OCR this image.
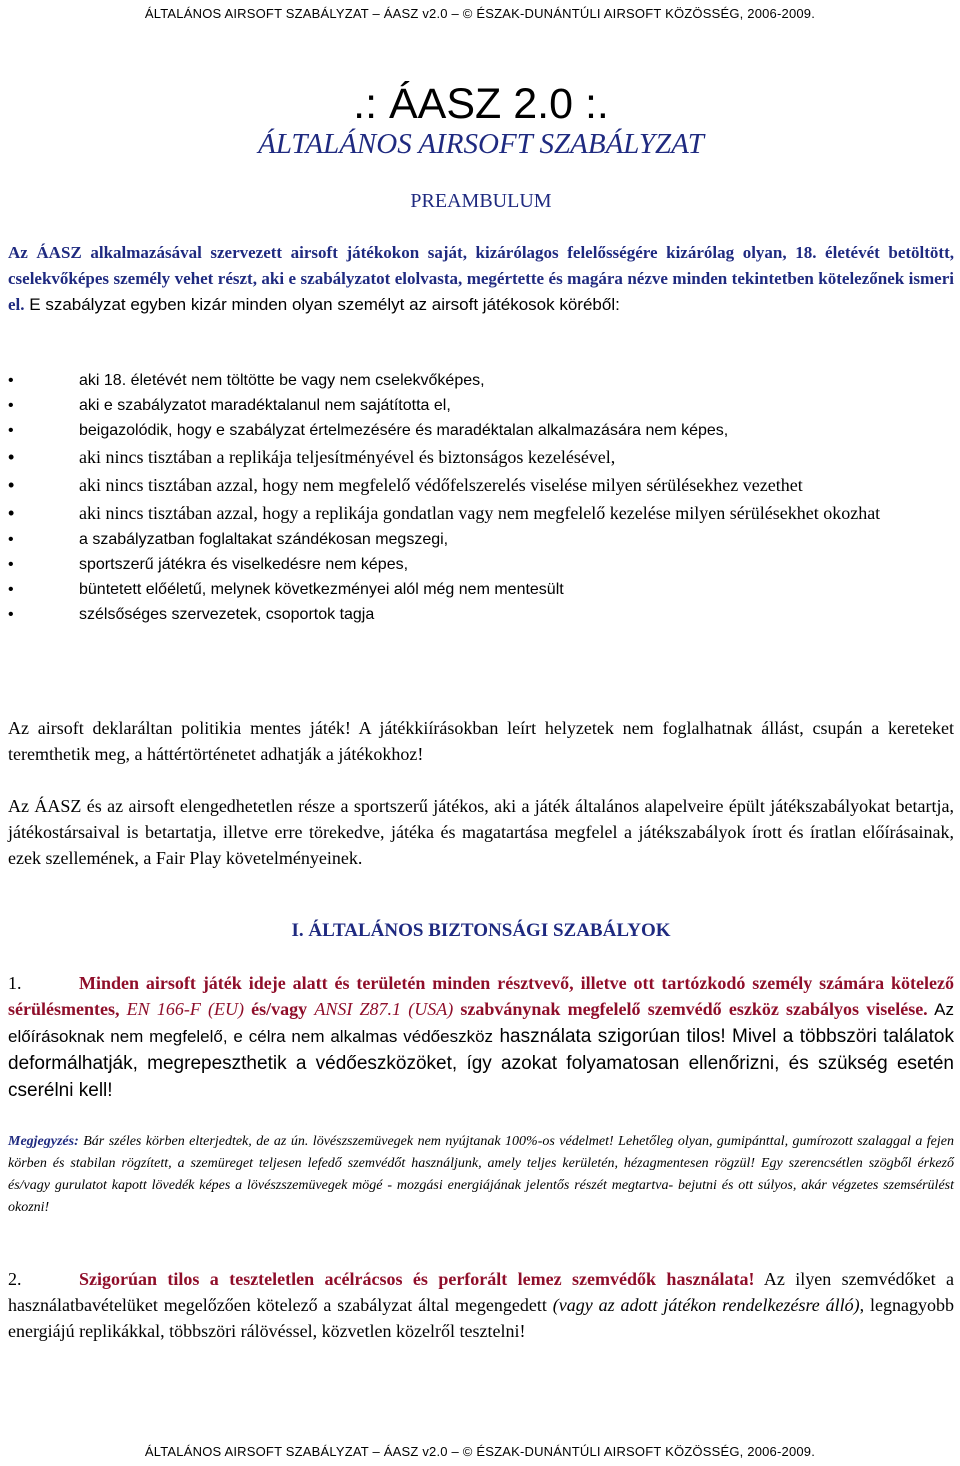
ÁLTALÁNOS AIRSOFT SZABÁLYZAT – ÁASZ v2.0 – © ÉSZAK-DUNÁNTÚLI AIRSOFT KÖZÖSSÉG, 2006-2009.
.: ÁASZ 2.0 :.
ÁLTALÁNOS AIRSOFT SZABÁLYZAT
PREAMBULUM
Az ÁASZ alkalmazásával szervezett airsoft játékokon saját, kizárólagos felelősségére kizárólag olyan, 18. életévét betöltött, cselekvőképes személy vehet részt, aki e szabályzatot elolvasta, megértette és magára nézve minden tekintetben kötelezőnek ismeri el. E szabályzat egyben kizár minden olyan személyt az airsoft játékosok köréből:
• aki 18. életévét nem töltötte be vagy nem cselekvőképes,
• aki e szabályzatot maradéktalanul nem sajátította el,
• beigazolódik, hogy e szabályzat értelmezésére és maradéktalan alkalmazására nem képes,
• aki nincs tisztában a replikája teljesítményével és biztonságos kezelésével,
• aki nincs tisztában azzal, hogy nem megfelelő védőfelszerelés viselése milyen sérülésekhez vezethet
• aki nincs tisztában azzal, hogy a replikája gondatlan vagy nem megfelelő kezelése milyen sérülésekhet okozhat
• a szabályzatban foglaltakat szándékosan megszegi,
• sportszerű játékra és viselkedésre nem képes,
• büntetett előéletű, melynek következményei alól még nem mentesült
• szélsőséges szervezetek, csoportok tagja
Az airsoft deklaráltan politikia mentes játék! A játékkiírásokban leírt helyzetek nem foglalhatnak állást, csupán a kereteket teremthetik meg, a háttértörténetet adhatják a játékokhoz!
Az ÁASZ és az airsoft elengedhetetlen része a sportszerű játékos, aki a játék általános alapelveire épült játékszabályokat betartja, játékostársaival is betartatja, illetve erre törekedve, játéka és magatartása megfelel a játékszabályok írott és íratlan előírásainak, ezek szellemének, a Fair Play követelményeinek.
I. ÁLTALÁNOS BIZTONSÁGI SZABÁLYOK
1.	Minden airsoft játék ideje alatt és területén minden résztvevő, illetve ott tartózkodó személy számára kötelező sérülésmentes, EN 166-F (EU) és/vagy ANSI Z87.1 (USA) szabványnak megfelelő szemvédő eszköz szabályos viselése. Az előírásoknak nem megfelelő, e célra nem alkalmas védőeszköz használata szigorúan tilos! Mivel a többszöri találatok deformálhatják, megrepeszthetik a védőeszközöket, így azokat folyamatosan ellenőrizni, és szükség esetén cserélni kell!
Megjegyzés: Bár széles körben elterjedtek, de az ún. lövészszemüvegek nem nyújtanak 100%-os védelmet! Lehetőleg olyan, gumipánttal, gumírozott szalaggal a fejen körben és stabilan rögzített, a szemüreget teljesen lefedő szemvédőt használjunk, amely teljes kerületén, hézagmentesen rögzül! Egy szerencsétlen szögből érkező és/vagy gurulatot kapott lövedék képes a lövészszemüvegek mögé - mozgási energiájának jelentős részét megtartva- bejutni és ott súlyos, akár végzetes szemsérülést okozni!
2.	Szigorúan tilos a teszteletlen acélrácsos és perforált lemez szemvédők használata! Az ilyen szemvédőket a használatbavételüket megelőzően kötelező a szabályzat által megengedett (vagy az adott játékon rendelkezésre álló), legnagyobb energiájú replikákkal, többszöri rálövéssel, közvetlen közelről tesztelni!
ÁLTALÁNOS AIRSOFT SZABÁLYZAT – ÁASZ v2.0 – © ÉSZAK-DUNÁNTÚLI AIRSOFT KÖZÖSSÉG, 2006-2009.
